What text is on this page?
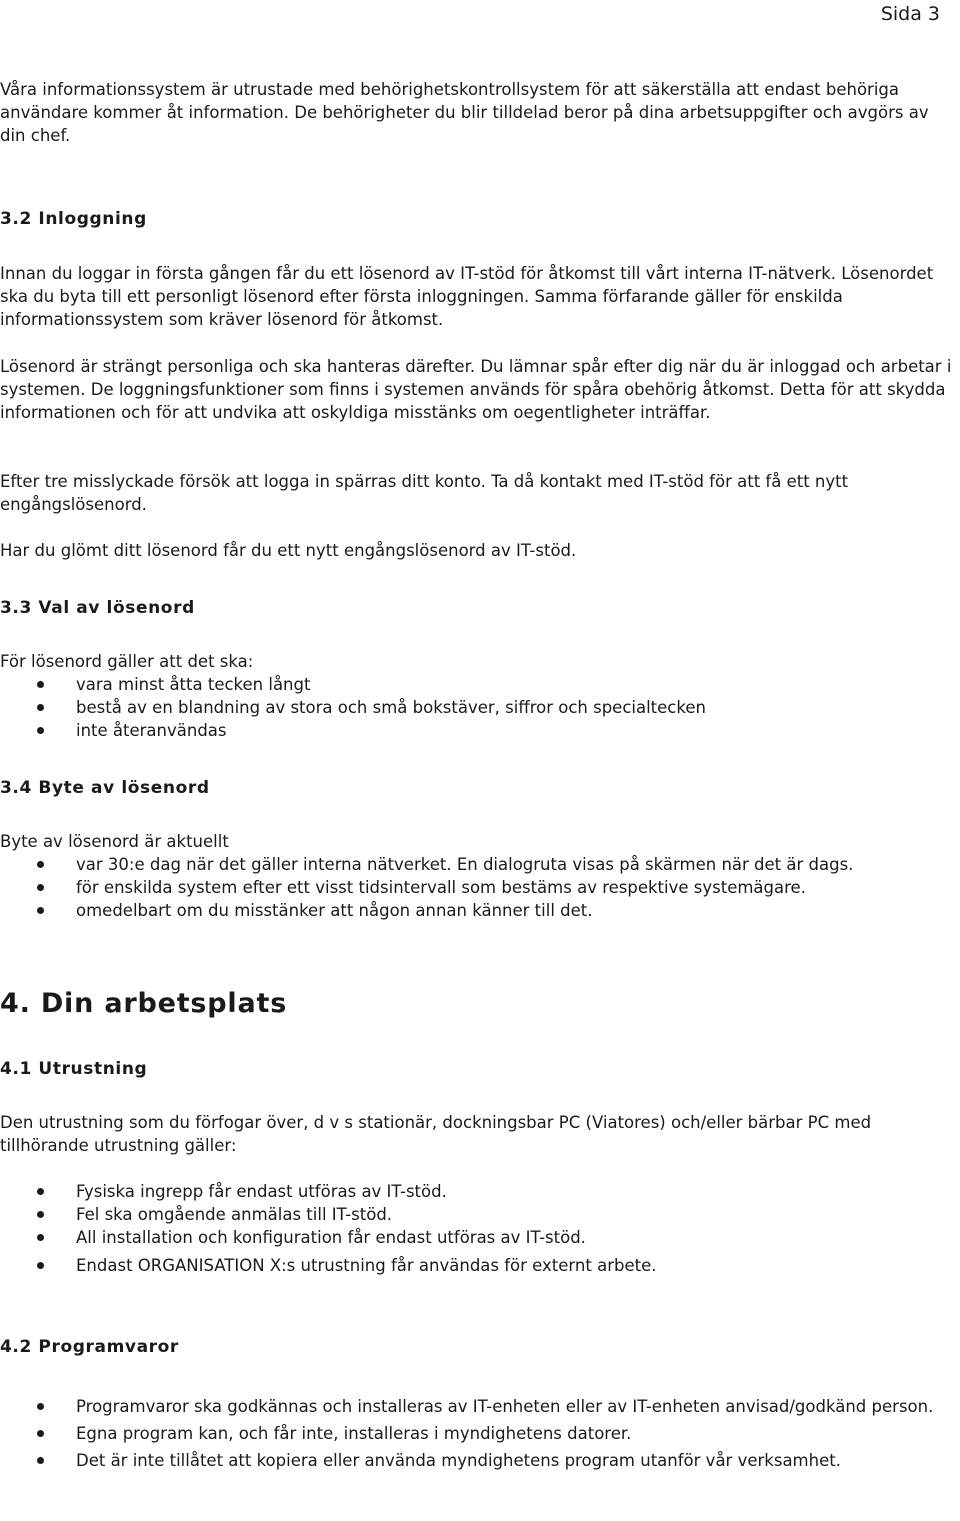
Sida 3

Våra informationssystem är utrustade med behörighetskontrollsystem för att säkerställa att endast behöriga användare kommer åt information. De behörigheter du blir tilldelad beror på dina arbetsuppgifter och avgörs av din chef.

3.2 Inloggning

Innan du loggar in första gången får du ett lösenord av IT-stöd för åtkomst till vårt interna IT-nätverk. Lösenordet ska du byta till ett personligt lösenord efter första inloggningen. Samma förfarande gäller för enskilda informationssystem som kräver lösenord för åtkomst.

Lösenord är strängt personliga och ska hanteras därefter. Du lämnar spår efter dig när du är inloggad och arbetar i systemen. De loggningsfunktioner som finns i systemen används för spåra obehörig åtkomst. Detta för att skydda informationen och för att undvika att oskyldiga misstänks om oegentligheter inträffar.

Efter tre misslyckade försök att logga in spärras ditt konto. Ta då kontakt med IT-stöd för att få ett nytt engångslösenord.

Har du glömt ditt lösenord får du ett nytt engångslösenord av IT-stöd.

3.3 Val av lösenord

För lösenord gäller att det ska:

vara minst åtta tecken långt
bestå av en blandning av stora och små bokstäver, siffror och specialtecken
inte återanvändas
3.4 Byte av lösenord

Byte av lösenord är aktuellt

var 30:e dag när det gäller interna nätverket. En dialogruta visas på skärmen när det är dags.
för enskilda system efter ett visst tidsintervall som bestäms av respektive systemägare.
omedelbart om du misstänker att någon annan känner till det.
4. Din arbetsplats
4.1 Utrustning

Den utrustning som du förfogar över, d v s stationär, dockningsbar PC (Viatores) och/eller bärbar PC med tillhörande utrustning gäller:

Fysiska ingrepp får endast utföras av IT-stöd.
Fel ska omgående anmälas till IT-stöd.
All installation och konfiguration får endast utföras av IT-stöd.
Endast ORGANISATION X:s utrustning får användas för externt arbete.
4.2 Programvaror
Programvaror ska godkännas och installeras av IT-enheten eller av IT-enheten anvisad/godkänd person.
Egna program kan, och får inte, installeras i myndighetens datorer.
Det är inte tillåtet att kopiera eller använda myndighetens program utanför vår verksamhet.
